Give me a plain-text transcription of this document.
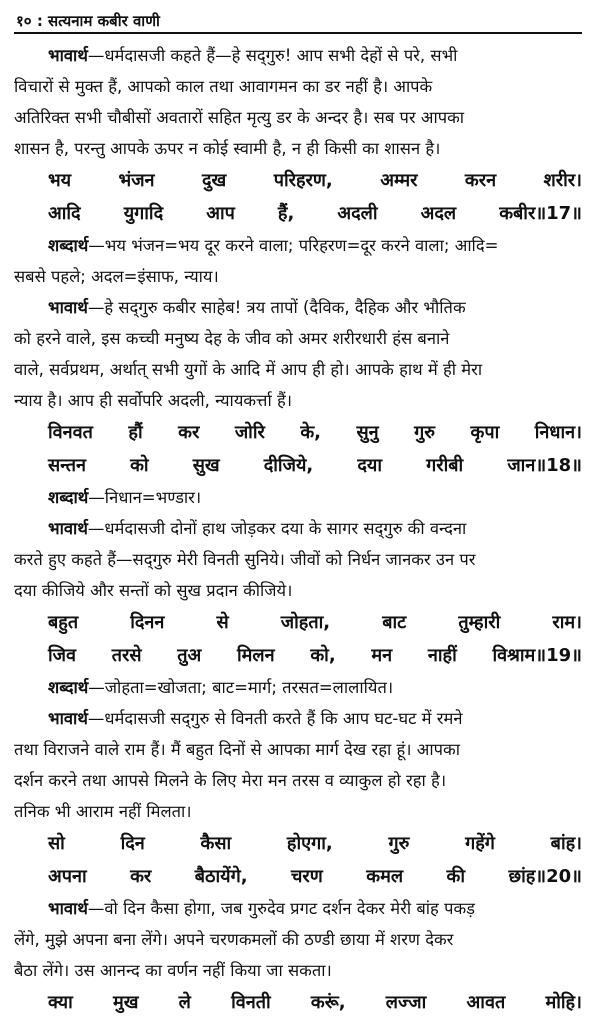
१० : सत्यनाम कबीर वाणी
भावार्थ—धर्मदासजी कहते हैं—हे सद्‌गुरु! आप सभी देहों से परे, सभी
विचारों से मुक्त हैं, आपको काल तथा आवागमन का डर नहीं है। आपके
अतिरिक्त सभी चौबीसों अवतारों सहित मृत्यु डर के अन्दर है। सब पर आपका
शासन है, परन्तु आपके ऊपर न कोई स्वामी है, न ही किसी का शासन है।
भय	भंजन	दुख	परिहरण,	अम्मर	करन	शरीर।
आदि युगादि आप हैं, अदली अदल कबीर॥17॥
शब्दार्थ—भय भंजन=भय दूर करने वाला; परिहरण=दूर करने वाला; आदि=
सबसे पहले; अदल=इंसाफ, न्याय।
भावार्थ—हे सद्‌गुरु कबीर साहेब! त्रय तापों (दैविक, दैहिक और भौतिक
को हरने वाले, इस कच्ची मनुष्य देह के जीव को अमर शरीरधारी हंस बनाने
वाले, सर्वप्रथम, अर्थात् सभी युगों के आदि में आप ही हो। आपके हाथ में ही मेरा
न्याय है। आप ही सर्वोपरि अदली, न्यायकर्त्ता हैं।
विनवत हौं कर जोरि के, सुनु गुरु कृपा निधान।
सन्तन को सुख दीजिये, दया गरीबी जान॥18॥
शब्दार्थ—निधान=भण्डार।
भावार्थ—धर्मदासजी दोनों हाथ जोड़कर दया के सागर सद्‌गुरु की वन्दना
करते हुए कहते हैं—सद्‌गुरु मेरी विनती सुनिये। जीवों को निर्धन जानकर उन पर
दया कीजिये और सन्तों को सुख प्रदान कीजिये।
बहुत	दिनन	से	जोहता,	बाट	तुम्हारी	राम।
जिव तरसे तुअ मिलन को, मन नाहीं विश्राम॥19॥
शब्दार्थ—जोहता=खोजता; बाट=मार्ग; तरसत=लालायित।
भावार्थ—धर्मदासजी सद्‌गुरु से विनती करते हैं कि आप घट-घट में रमने
तथा विराजने वाले राम हैं। मैं बहुत दिनों से आपका मार्ग देख रहा हूं। आपका
दर्शन करने तथा आपसे मिलने के लिए मेरा मन तरस व व्याकुल हो रहा है।
तनिक भी आराम नहीं मिलता।
सो	दिन	कैसा	होएगा,	गुरु	गहेंगे	बांह।
अपना कर बैठायेंगे, चरण कमल की छांह॥20॥
भावार्थ—वो दिन कैसा होगा, जब गुरुदेव प्रगट दर्शन देकर मेरी बांह पकड़
लेंगे, मुझे अपना बना लेंगे। अपने चरणकमलों की ठण्डी छाया में शरण देकर
बैठा लेंगे। उस आनन्द का वर्णन नहीं किया जा सकता।
क्या मुख ले विनती करूं, लज्जा आवत मोहि।
